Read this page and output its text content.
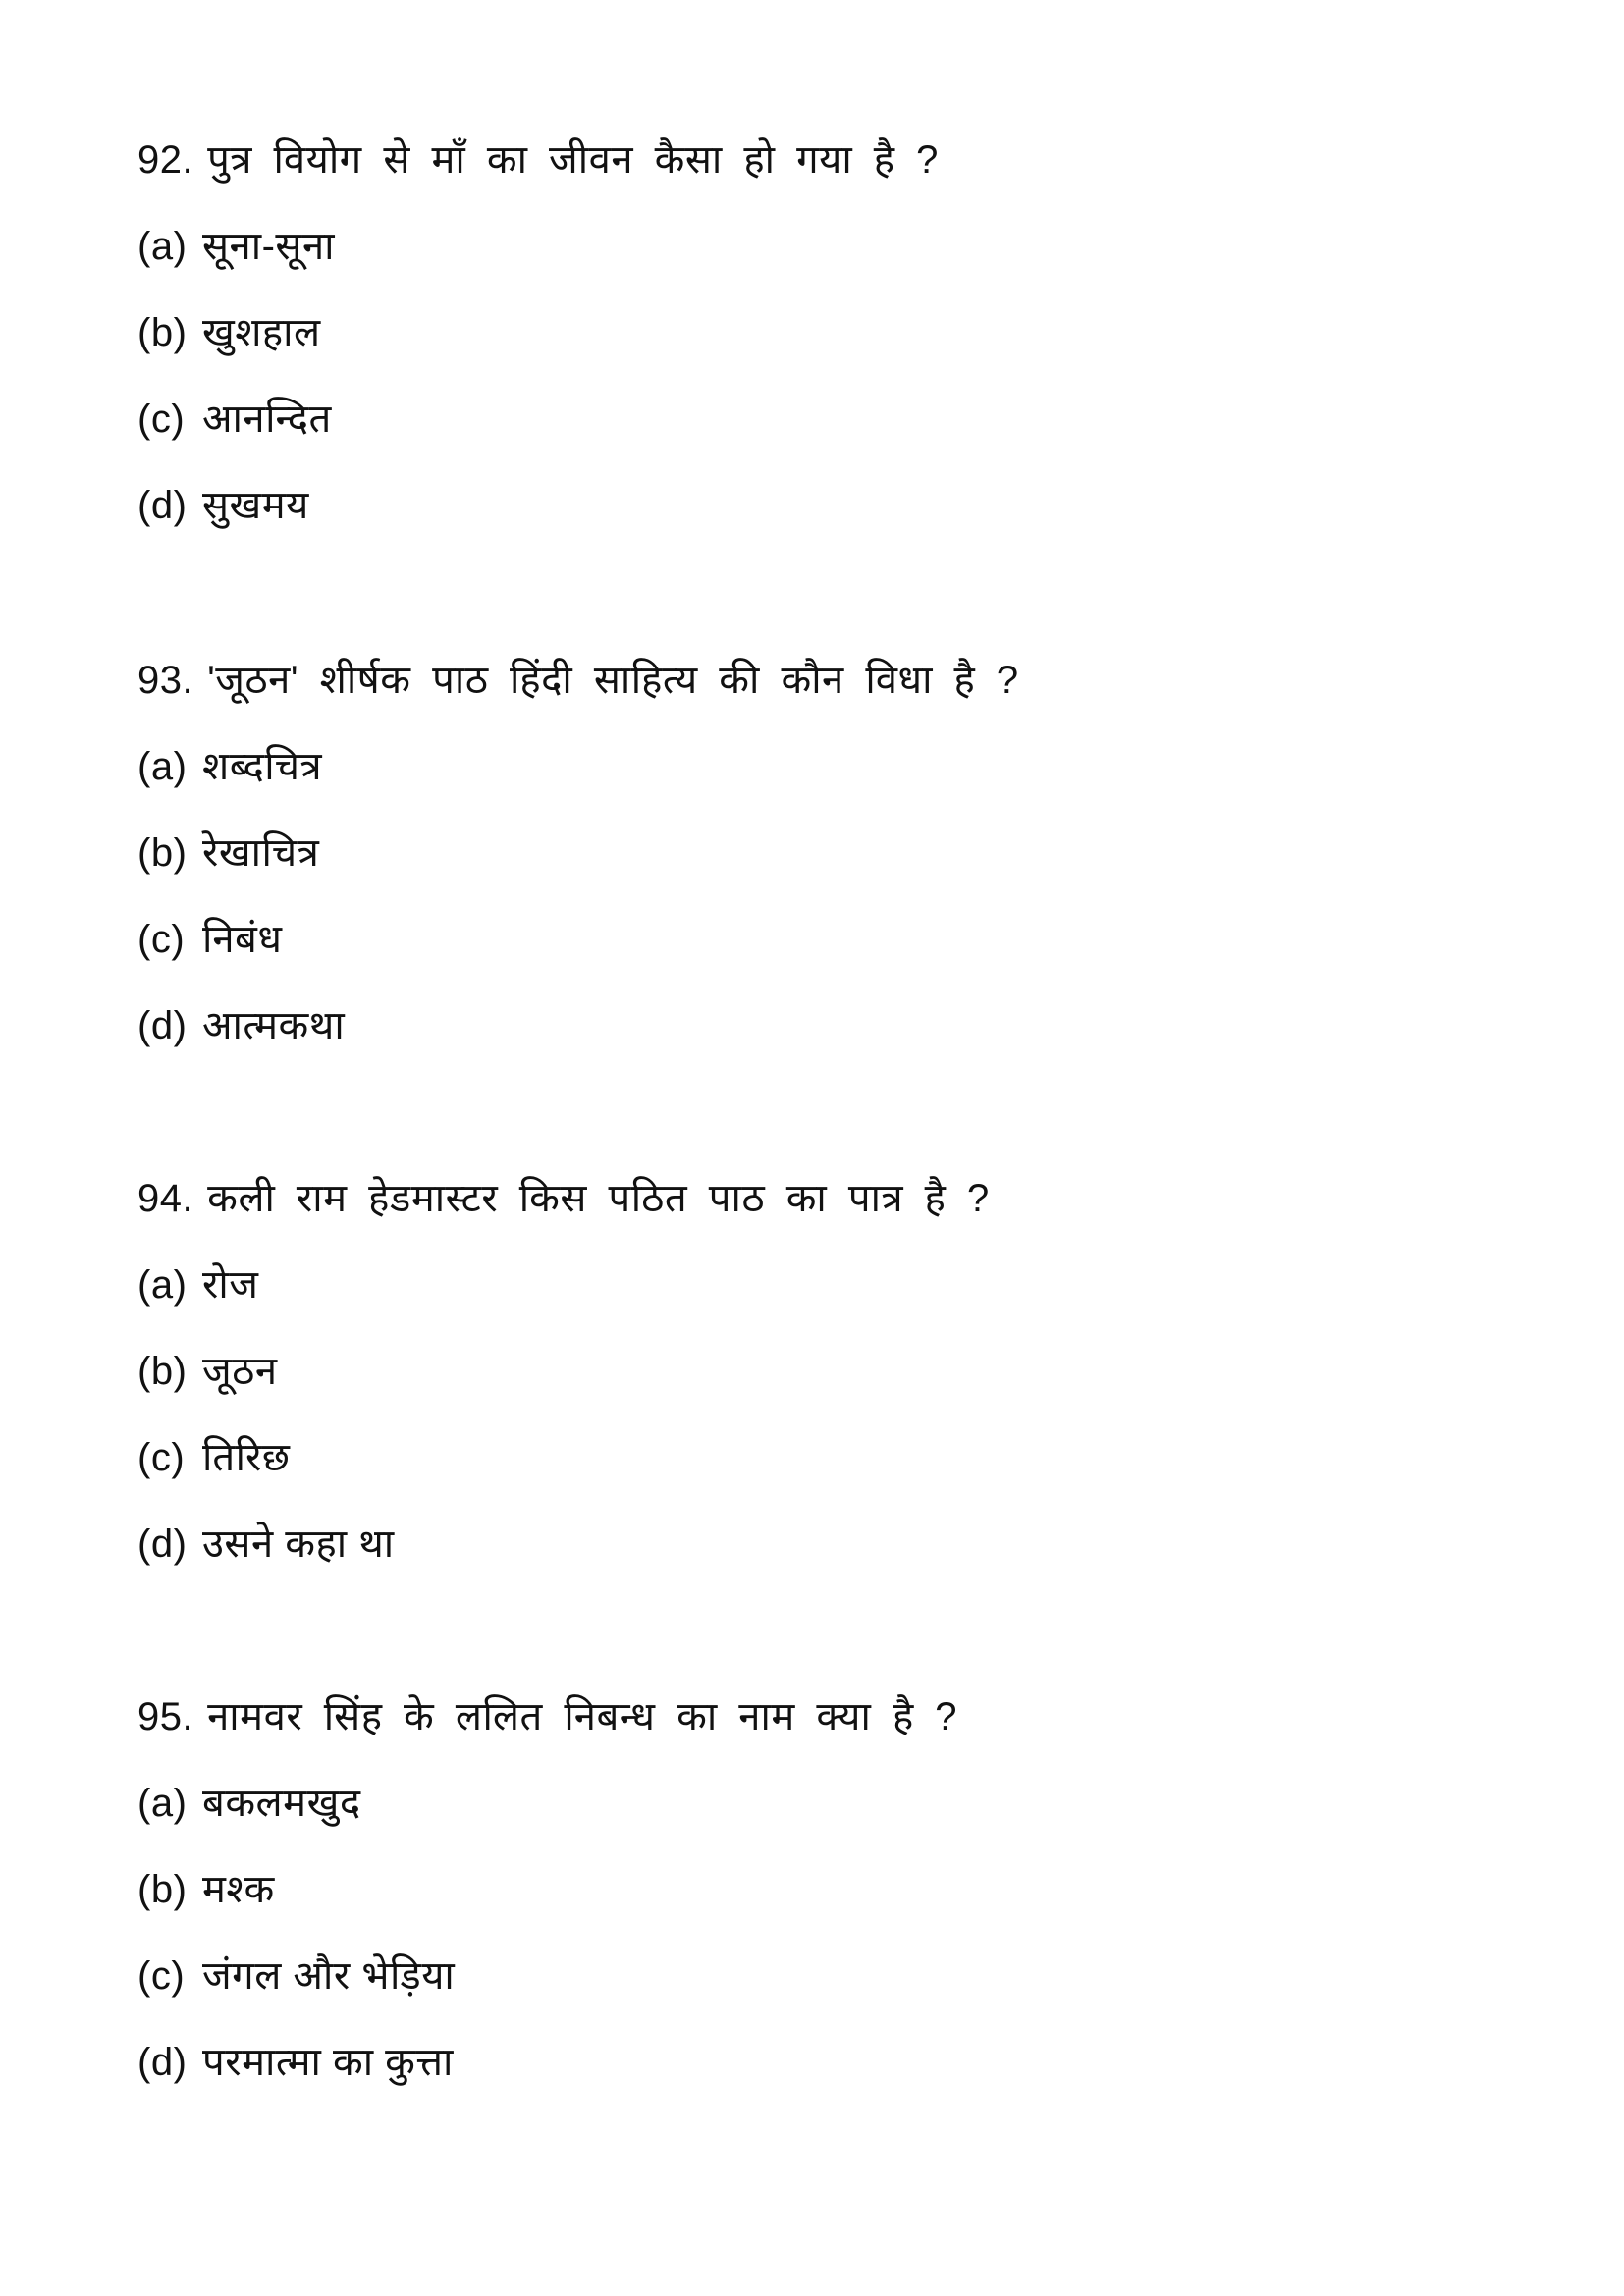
92. पुत्र वियोग से माँ का जीवन कैसा हो गया है ?
(a) सूना-सूना
(b) खुशहाल
(c) आनन्दित
(d) सुखमय
93. 'जूठन' शीर्षक पाठ हिंदी साहित्य की कौन विधा है ?
(a) शब्दचित्र
(b) रेखाचित्र
(c) निबंध
(d) आत्मकथा
94. कली राम हेडमास्टर किस पठित पाठ का पात्र है ?
(a) रोज
(b) जूठन
(c) तिरिछ
(d) उसने कहा था
95. नामवर सिंह के ललित निबन्ध का नाम क्या है ?
(a) बकलमखुद
(b) मश्क
(c) जंगल और भेड़िया
(d) परमात्मा का कुत्ता
